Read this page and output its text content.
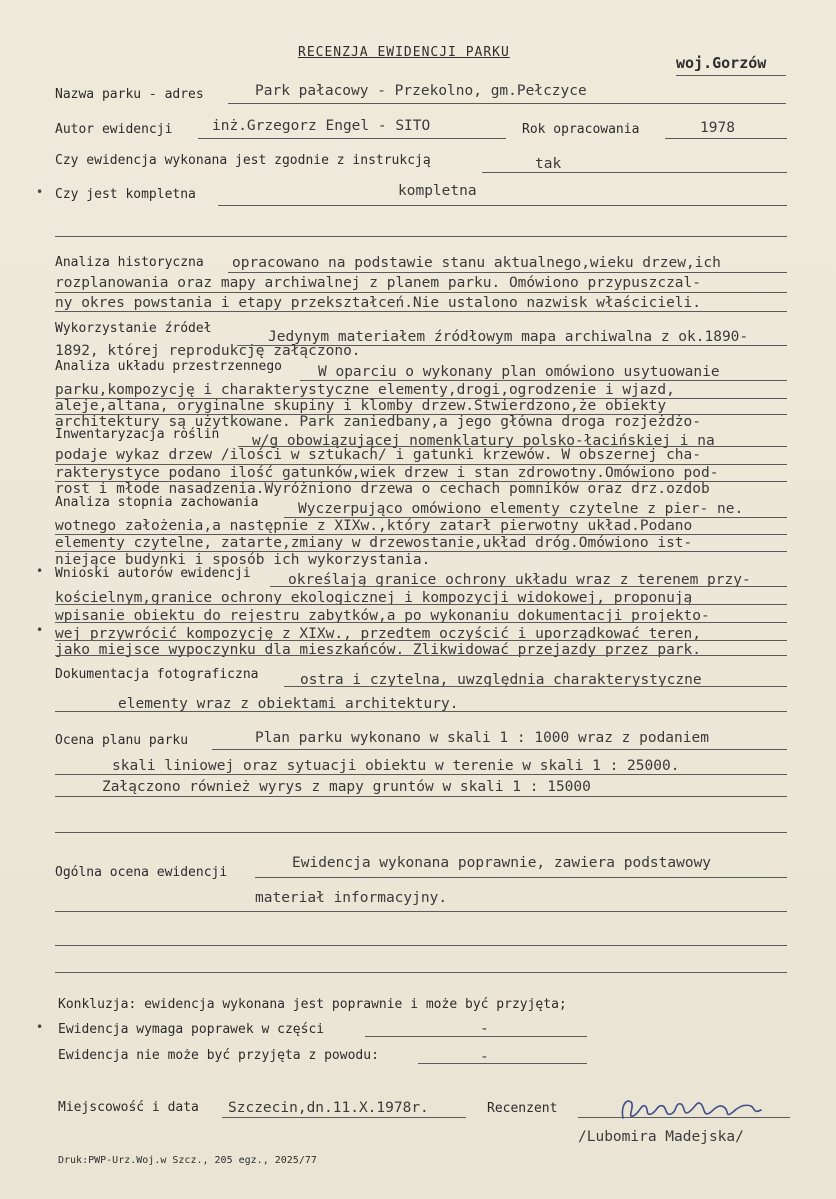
RECENZJA EWIDENCJI PARKU
woj.Gorzów
Nazwa parku - adres	Park pałacowy - Przekolno, gm.Pełczyce
Autor ewidencji	inż.Grzegorz Engel - SITO	Rok opracowania	1978
Czy ewidencja wykonana jest zgodnie z instrukcją	tak
• Czy jest kompletna	kompletna
Analiza historyczna opracowano na podstawie stanu aktualnego,wieku drzew,ich
rozplanowania oraz mapy archiwalnej z planem parku. Omówiono przypuszczal-
ny okres powstania i etapy przekształceń.Nie ustalono nazwisk właścicieli.
Wykorzystanie źródeł
Jedynym materiałem źródłowym mapa archiwalna z ok.1890-
1892, której reprodukcję załączono.
Analiza układu przestrzennego W oparciu o wykonany plan omówiono usytuowanie
parku,kompozycję i charakterystyczne elementy,drogi,ogrodzenie i wjazd,
aleje,altana, oryginalne skupiny i klomby drzew.Stwierdzono,że obiekty
architektury są użytkowane. Park zaniedbany,a jego główna droga rozjeżdżo-
Inwentaryzacja roślin w/g obowiązującej nomenklatury polsko-łacińskiej i na
podaje wykaz drzew /ilości w sztukach/ i gatunki krzewów. W obszernej cha-
rakterystyce podano ilość gatunków,wiek drzew i stan zdrowotny.Omówiono pod-
rost i młode nasadzenia.Wyróżniono drzewa o cechach pomników oraz drz.ozdob
Analiza stopnia zachowania	Wyczerpująco omówiono elementy czytelne z pier- ne.
wotnego założenia,a następnie z XIXw.,który zatarł pierwotny układ.Podano
elementy czytelne, zatarte,zmiany w drzewostanie,układ dróg.Omówiono ist-
niejące budynki i sposób ich wykorzystania.
• Wnioski autorów ewidencji	określają granice ochrony układu wraz z terenem przy-
kościelnym,granice ochrony ekologicznej i kompozycji widokowej, proponują
wpisanie obiektu do rejestru zabytków,a po wykonaniu dokumentacji projekto-
• wej przywrócić kompozycję z XIXw., przedtem oczyścić i uporządkować teren,
jako miejsce wypoczynku dla mieszkańców. Zlikwidować przejazdy przez park.
Dokumentacja fotograficzna	ostra i czytelna, uwzględnia charakterystyczne
elementy wraz z obiektami architektury.
Ocena planu parku	Plan parku wykonano w skali 1 : 1000 wraz z podaniem
skali liniowej oraz sytuacji obiektu w terenie w skali 1 : 25000.
Załączono również wyrys z mapy gruntów w skali 1 : 15000
Ogólna ocena ewidencji
Ewidencja wykonana poprawnie, zawiera podstawowy
materiał informacyjny.
Konkluzja: ewidencja wykonana jest poprawnie i może być przyjęta;
• Ewidencja wymaga poprawek w części	-
Ewidencja nie może być przyjęta z powodu:	-
Miejscowość i data Szczecin,dn.11.X.1978r.	Recenzent
/Lubomira Madejska/
Druk:PWP-Urz.Woj.w Szcz., 205 egz., 2025/77
